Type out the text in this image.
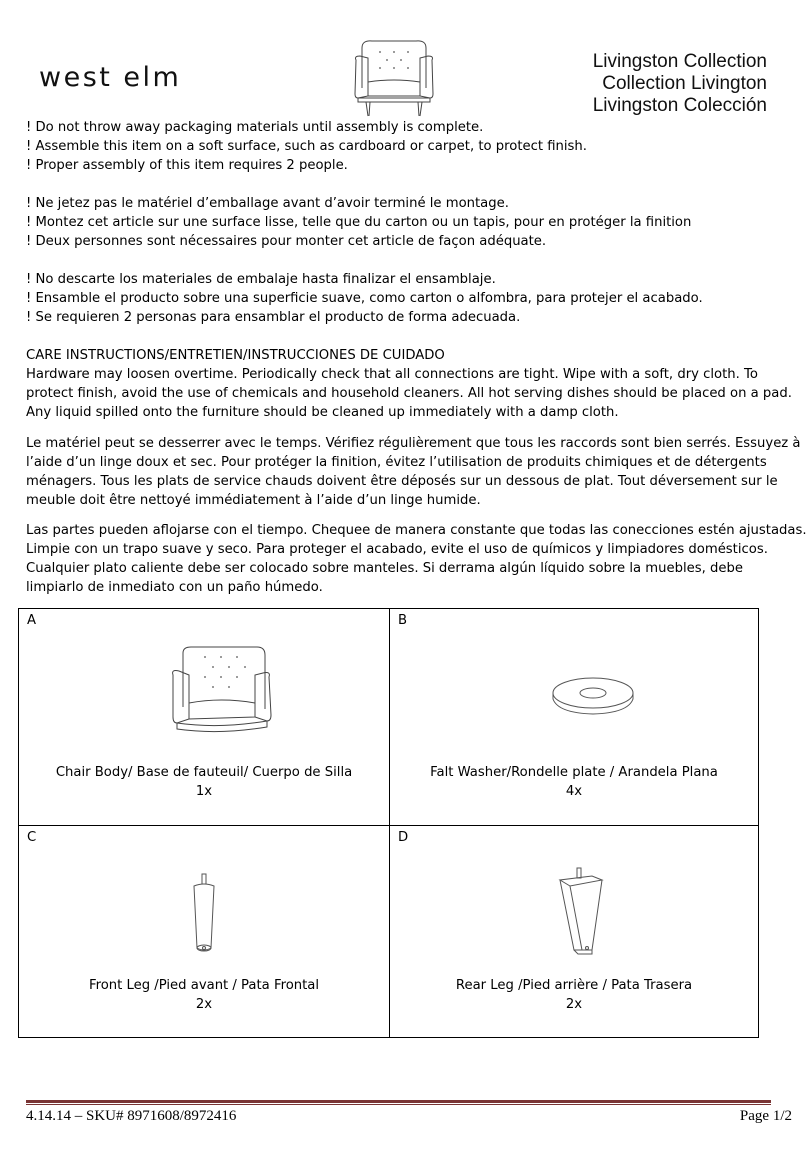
west elm
Livingston Collection
Collection Livington
Livingston Colección

! Do not throw away packaging materials until assembly is complete.

! Assemble this item on a soft surface, such as cardboard or carpet, to protect finish.

! Proper assembly of this item requires 2 people.

! Ne jetez pas le matériel d’emballage avant d’avoir terminé le montage.

! Montez cet article sur une surface lisse, telle que du carton ou un tapis, pour en protéger la finition

! Deux personnes sont nécessaires pour monter cet article de façon adéquate.

! No descarte los materiales de embalaje hasta finalizar el ensamblaje.

! Ensamble el producto sobre una superficie suave, como carton o alfombra, para protejer el acabado.

! Se requieren 2 personas para ensamblar el producto de forma adecuada.

CARE INSTRUCTIONS/ENTRETIEN/INSTRUCCIONES DE CUIDADO

Hardware may loosen overtime. Periodically check that all connections are tight. Wipe with a soft, dry cloth. To

protect finish, avoid the use of chemicals and household cleaners. All hot serving dishes should be placed on a pad.

Any liquid spilled onto the furniture should be cleaned up immediately with a damp cloth.

Le matériel peut se desserrer avec le temps. Vérifiez régulièrement que tous les raccords sont bien serrés. Essuyez à

l’aide d’un linge doux et sec. Pour protéger la finition, évitez l’utilisation de produits chimiques et de détergents

ménagers. Tous les plats de service chauds doivent être déposés sur un dessous de plat. Tout déversement sur le

meuble doit être nettoyé immédiatement à l’aide d’un linge humide.

Las partes pueden aflojarse con el tiempo. Chequee de manera constante que todas las conecciones estén ajustadas.

Limpie con un trapo suave y seco. Para proteger el acabado, evite el uso de químicos y limpiadores domésticos.

Cualquier plato caliente debe ser colocado sobre manteles. Si derrama algún líquido sobre la muebles, debe

limpiarlo de inmediato con un paño húmedo.

A
Chair Body/ Base de fauteuil/ Cuerpo de Silla
1x
B
Falt Washer/Rondelle plate / Arandela Plana
4x
C
Front Leg /Pied avant / Pata Frontal
2x
D
Rear Leg /Pied arrière / Pata Trasera
2x
4.14.14 – SKU# 8971608/8972416	Page 1/2
